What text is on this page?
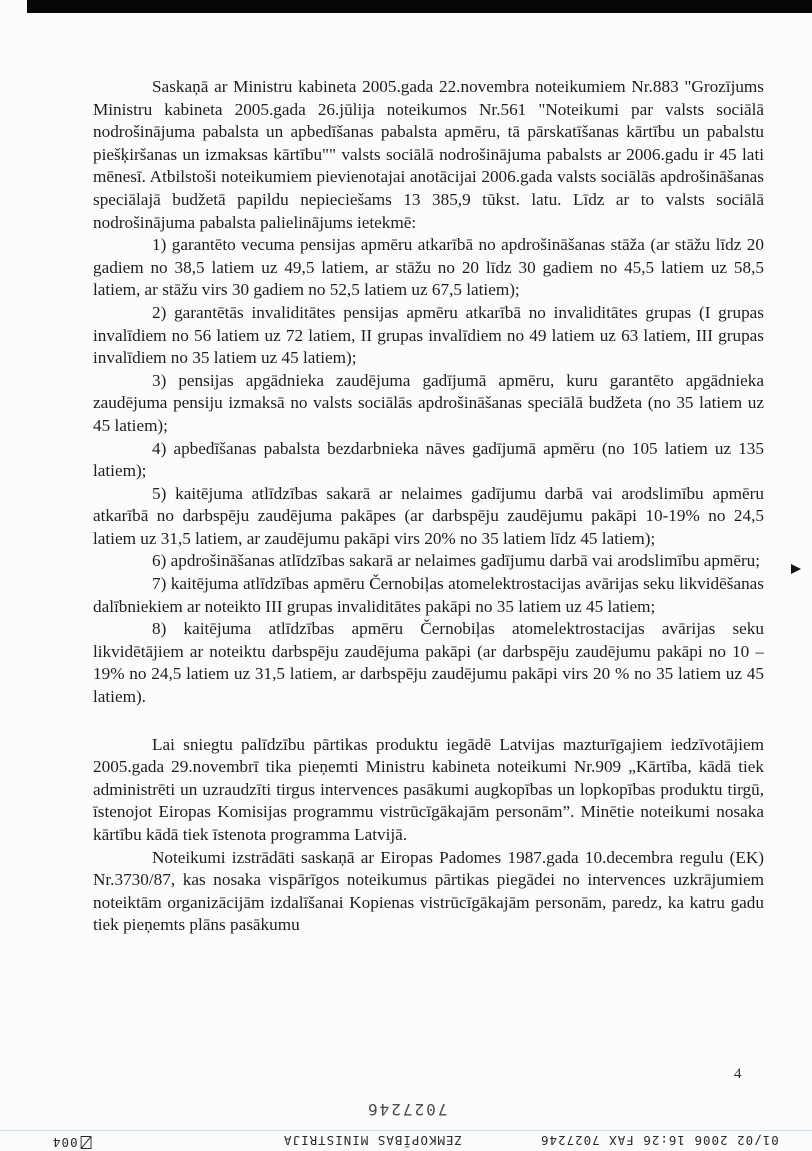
Saskaņā ar Ministru kabineta 2005.gada 22.novembra noteikumiem Nr.883 "Grozījums Ministru kabineta 2005.gada 26.jūlija noteikumos Nr.561 "Noteikumi par valsts sociālā nodrošinājuma pabalsta un apbedīšanas pabalsta apmēru, tā pārskatīšanas kārtību un pabalstu piešķiršanas un izmaksas kārtību"" valsts sociālā nodrošinājuma pabalsts ar 2006.gadu ir 45 lati mēnesī. Atbilstoši noteikumiem pievienotajai anotācijai 2006.gada valsts sociālās apdrošināšanas speciālajā budžetā papildu nepieciešams 13 385,9 tūkst. latu. Līdz ar to valsts sociālā nodrošinājuma pabalsta palielinājums ietekmē:

1) garantēto vecuma pensijas apmēru atkarībā no apdrošināšanas stāža (ar stāžu līdz 20 gadiem no 38,5 latiem uz 49,5 latiem, ar stāžu no 20 līdz 30 gadiem no 45,5 latiem uz 58,5 latiem, ar stāžu virs 30 gadiem no 52,5 latiem uz 67,5 latiem);

2) garantētās invaliditātes pensijas apmēru atkarībā no invaliditātes grupas (I grupas invalīdiem no 56 latiem uz 72 latiem, II grupas invalīdiem no 49 latiem uz 63 latiem, III grupas invalīdiem no 35 latiem uz 45 latiem);

3) pensijas apgādnieka zaudējuma gadījumā apmēru, kuru garantēto apgādnieka zaudējuma pensiju izmaksā no valsts sociālās apdrošināšanas speciālā budžeta (no 35 latiem uz 45 latiem);

4) apbedīšanas pabalsta bezdarbnieka nāves gadījumā apmēru (no 105 latiem uz 135 latiem);

5) kaitējuma atlīdzības sakarā ar nelaimes gadījumu darbā vai arodslimību apmēru atkarībā no darbspēju zaudējuma pakāpes (ar darbspēju zaudējumu pakāpi 10-19% no 24,5 latiem uz 31,5 latiem, ar zaudējumu pakāpi virs 20% no 35 latiem līdz 45 latiem);

6) apdrošināšanas atlīdzības sakarā ar nelaimes gadījumu darbā vai arodslimību apmēru;

7) kaitējuma atlīdzības apmēru Černobiļas atomelektrostacijas avārijas seku likvidēšanas dalībniekiem ar noteikto III grupas invaliditātes pakāpi no 35 latiem uz 45 latiem;

8) kaitējuma atlīdzības apmēru Černobiļas atomelektrostacijas avārijas seku likvidētājiem ar noteiktu darbspēju zaudējuma pakāpi (ar darbspēju zaudējumu pakāpi no 10 –19% no 24,5 latiem uz 31,5 latiem, ar darbspēju zaudējumu pakāpi virs 20 % no 35 latiem uz 45 latiem).

Lai sniegtu palīdzību pārtikas produktu iegādē Latvijas mazturīgajiem iedzīvotājiem 2005.gada 29.novembrī tika pieņemti Ministru kabineta noteikumi Nr.909 „Kārtība, kādā tiek administrēti un uzraudzīti tirgus intervences pasākumi augkopības un lopkopības produktu tirgū, īstenojot Eiropas Komisijas programmu vistrūcīgākajām personām”. Minētie noteikumi nosaka kārtību kādā tiek īstenota programma Latvijā.

Noteikumi izstrādāti saskaņā ar Eiropas Padomes 1987.gada 10.decembra regulu (EK) Nr.3730/87, kas nosaka vispārīgos noteikumus pārtikas piegādei no intervences uzkrājumiem noteiktām organizācijām izdalīšanai Kopienas vistrūcīgākajām personām, paredz, ka katru gadu tiek pieņemts plāns pasākumu

4
7027246
004	ZEMKOPĪBAS MINISTRIJA	01/02 2006 16:26 FAX 7027246
